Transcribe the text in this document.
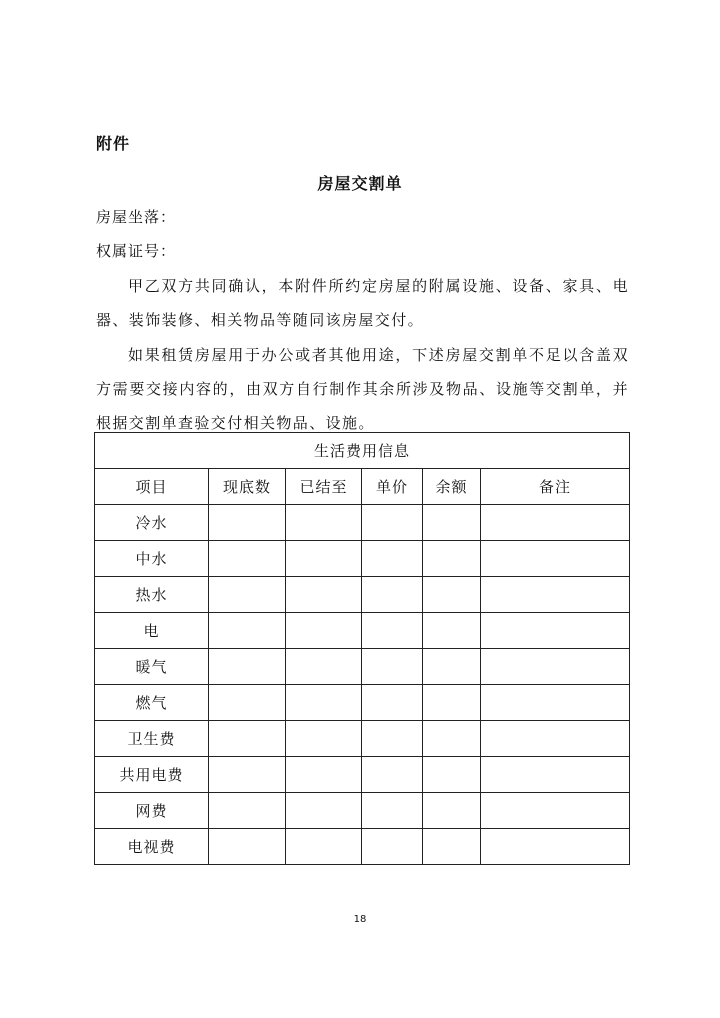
附件
房屋交割单
房屋坐落：
权属证号：

甲乙双方共同确认，本附件所约定房屋的附属设施、设备、家具、电器、装饰装修、相关物品等随同该房屋交付。

如果租赁房屋用于办公或者其他用途，下述房屋交割单不足以含盖双方需要交接内容的，由双方自行制作其余所涉及物品、设施等交割单，并根据交割单查验交付相关物品、设施。

生活费用信息					
项目	现底数	已结至	单价	余额	备注
冷水					
中水					
热水					
电					
暖气					
燃气					
卫生费					
共用电费					
网费					
电视费					
18
